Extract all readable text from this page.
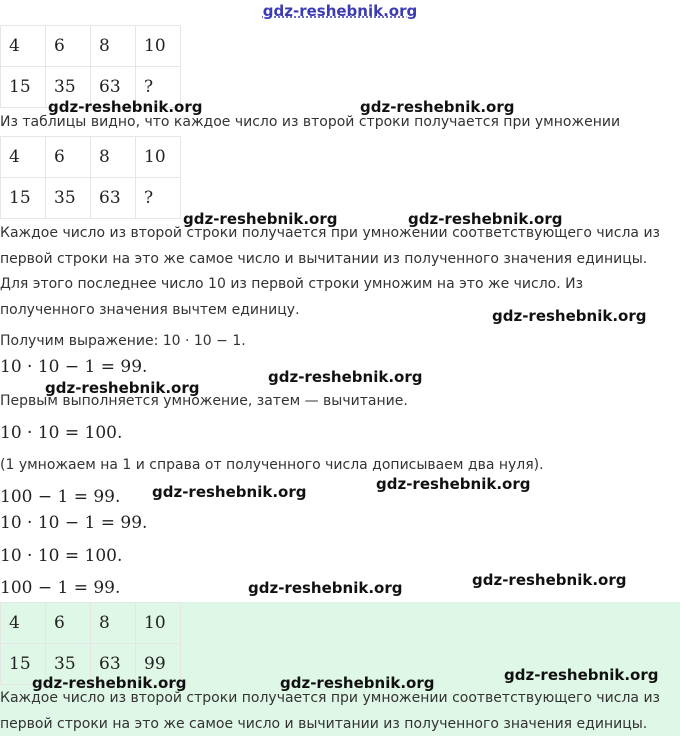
gdz-reshebnik.org
4	6	8	10
15	35	63	?
gdz-reshebnik.org	gdz-reshebnik.org
Из таблицы видно, что каждое число из второй строки получается при умножении
4	6	8	10
15	35	63	?
gdz-reshebnik.org	gdz-reshebnik.org
Каждое число из второй строки получается при умножении соответствующего числа из
первой строки на это же самое число и вычитании из полученного значения единицы.
Для этого последнее число 10 из первой строки умножим на это же число. Из
полученного значения вычтем единицу.	gdz-reshebnik.org
Получим выражение: 10 · 10 − 1.
10 · 10 − 1 = 99.
gdz-reshebnik.org
gdz-reshebnik.org
Первым выполняется умножение, затем — вычитание.
10 · 10 = 100.
(1 умножаем на 1 и справа от полученного числа дописываем два нуля).
gdz-reshebnik.org
100 − 1 = 99. gdz-reshebnik.org
10 · 10 − 1 = 99.
10 · 10 = 100.
100 − 1 = 99.	gdz-reshebnik.org
gdz-reshebnik.org
4	6	8	10
15	35	63	99
gdz-reshebnik.org
gdz-reshebnik.org	gdz-reshebnik.org
Каждое число из второй строки получается при умножении соответствующего числа из
первой строки на это же самое число и вычитании из полученного значения единицы.
